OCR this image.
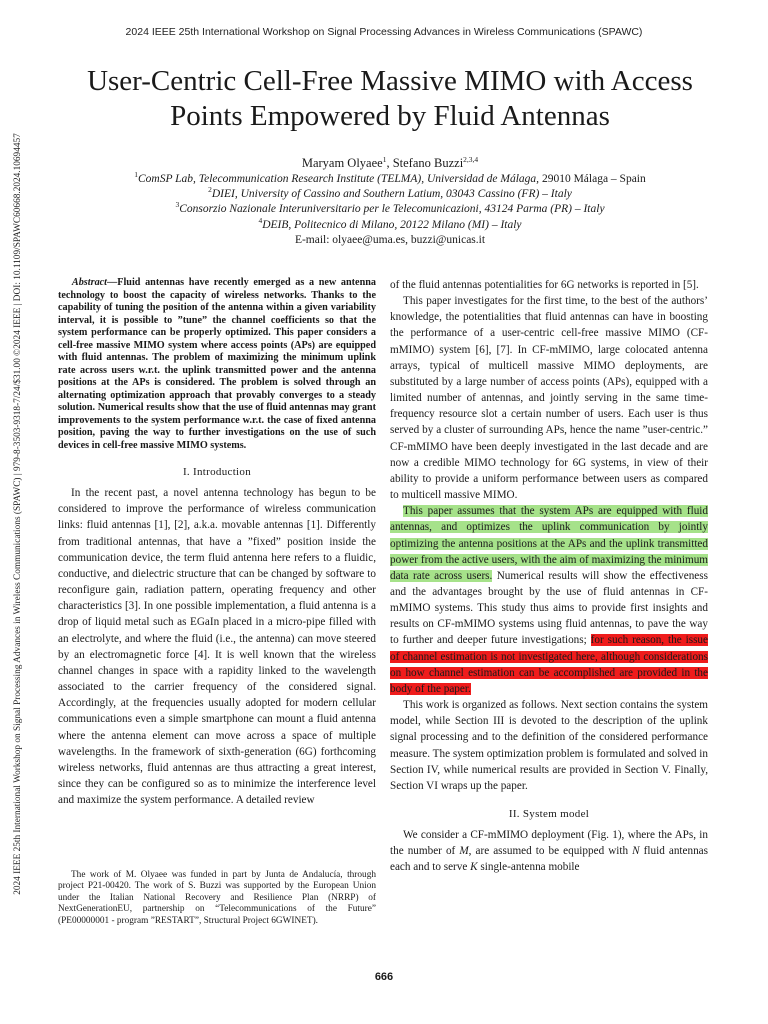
2024 IEEE 25th International Workshop on Signal Processing Advances in Wireless Communications (SPAWC)
2024 IEEE 25th International Workshop on Signal Processing Advances in Wireless Communications (SPAWC) | 979-8-3503-9318-7/24/$31.00 ©2024 IEEE | DOI: 10.1109/SPAWC60668.2024.10694457
User-Centric Cell-Free Massive MIMO with Access
Points Empowered by Fluid Antennas
Maryam Olyaee$^1$, Stefano Buzzi$^{2,3,4}$
$^1$ComSP Lab, Telecommunication Research Institute (TELMA), Universidad de Málaga, 29010 Málaga – Spain
$^2$DIEI, University of Cassino and Southern Latium, 03043 Cassino (FR) – Italy
$^3$Consorzio Nazionale Interuniversitario per le Telecomunicazioni, 43124 Parma (PR) – Italy
$^4$DEIB, Politecnico di Milano, 20122 Milano (MI) – Italy
E-mail: olyaee@uma.es, buzzi@unicas.it

Abstract—Fluid antennas have recently emerged as a new antenna technology to boost the capacity of wireless networks. Thanks to the capability of tuning the position of the antenna within a given variability interval, it is possible to ”tune” the channel coefficients so that the system performance can be properly optimized. This paper considers a cell-free massive MIMO system where access points (APs) are equipped with fluid antennas. The problem of maximizing the minimum uplink rate across users w.r.t. the uplink transmitted power and the antenna positions at the APs is considered. The problem is solved through an alternating optimization approach that provably converges to a steady solution. Numerical results show that the use of fluid antennas may grant improvements to the system performance w.r.t. the case of fixed antenna position, paving the way to further investigations on the use of such devices in cell-free massive MIMO systems.

I. Introduction

In the recent past, a novel antenna technology has begun to be considered to improve the performance of wireless communication links: fluid antennas [1], [2], a.k.a. movable antennas [1]. Differently from traditional antennas, that have a ”fixed” position inside the communication device, the term fluid antenna here refers to a fluidic, conductive, and dielectric structure that can be changed by software to reconfigure gain, radiation pattern, operating frequency and other characteristics [3]. In one possible implementation, a fluid antenna is a drop of liquid metal such as EGaIn placed in a micro-pipe filled with an electrolyte, and where the fluid (i.e., the antenna) can move steered by an electromagnetic force [4]. It is well known that the wireless channel changes in space with a rapidity linked to the wavelength associated to the carrier frequency of the considered signal. Accordingly, at the frequencies usually adopted for modern cellular communications even a simple smartphone can mount a fluid antenna where the antenna element can move across a space of multiple wavelengths. In the framework of sixth-generation (6G) forthcoming wireless networks, fluid antennas are thus attracting a great interest, since they can be configured so as to minimize the interference level and maximize the system performance. A detailed review

The work of M. Olyaee was funded in part by Junta de Andalucía, through project P21-00420. The work of S. Buzzi was supported by the European Union under the Italian National Recovery and Resilience Plan (NRRP) of NextGenerationEU, partnership on “Telecommunications of the Future” (PE00000001 - program ”RESTART”, Structural Project 6GWINET).

of the fluid antennas potentialities for 6G networks is reported in [5].

This paper investigates for the first time, to the best of the authors’ knowledge, the potentialities that fluid antennas can have in boosting the performance of a user-centric cell-free massive MIMO (CF-mMIMO) system [6], [7]. In CF-mMIMO, large colocated antenna arrays, typical of multicell massive MIMO deployments, are substituted by a large number of access points (APs), equipped with a limited number of antennas, and jointly serving in the same time-frequency resource slot a certain number of users. Each user is thus served by a cluster of surrounding APs, hence the name ”user-centric.” CF-mMIMO have been deeply investigated in the last decade and are now a credible MIMO technology for 6G systems, in view of their ability to provide a uniform performance between users as compared to multicell massive MIMO.

This paper assumes that the system APs are equipped with fluid antennas, and optimizes the uplink communication by jointly optimizing the antenna positions at the APs and the uplink transmitted power from the active users, with the aim of maximizing the minimum data rate across users. Numerical results will show the effectiveness and the advantages brought by the use of fluid antennas in CF-mMIMO systems. This study thus aims to provide first insights and results on CF-mMIMO systems using fluid antennas, to pave the way to further and deeper future investigations; for such reason, the issue of channel estimation is not investigated here, although considerations on how channel estimation can be accomplished are provided in the body of the paper.

This work is organized as follows. Next section contains the system model, while Section III is devoted to the description of the uplink signal processing and to the definition of the considered performance measure. The system optimization problem is formulated and solved in Section IV, while numerical results are provided in Section V. Finally, Section VI wraps up the paper.

II. System model

We consider a CF-mMIMO deployment (Fig. 1), where the APs, in the number of M, are assumed to be equipped with N fluid antennas each and to serve K single-antenna mobile

666
